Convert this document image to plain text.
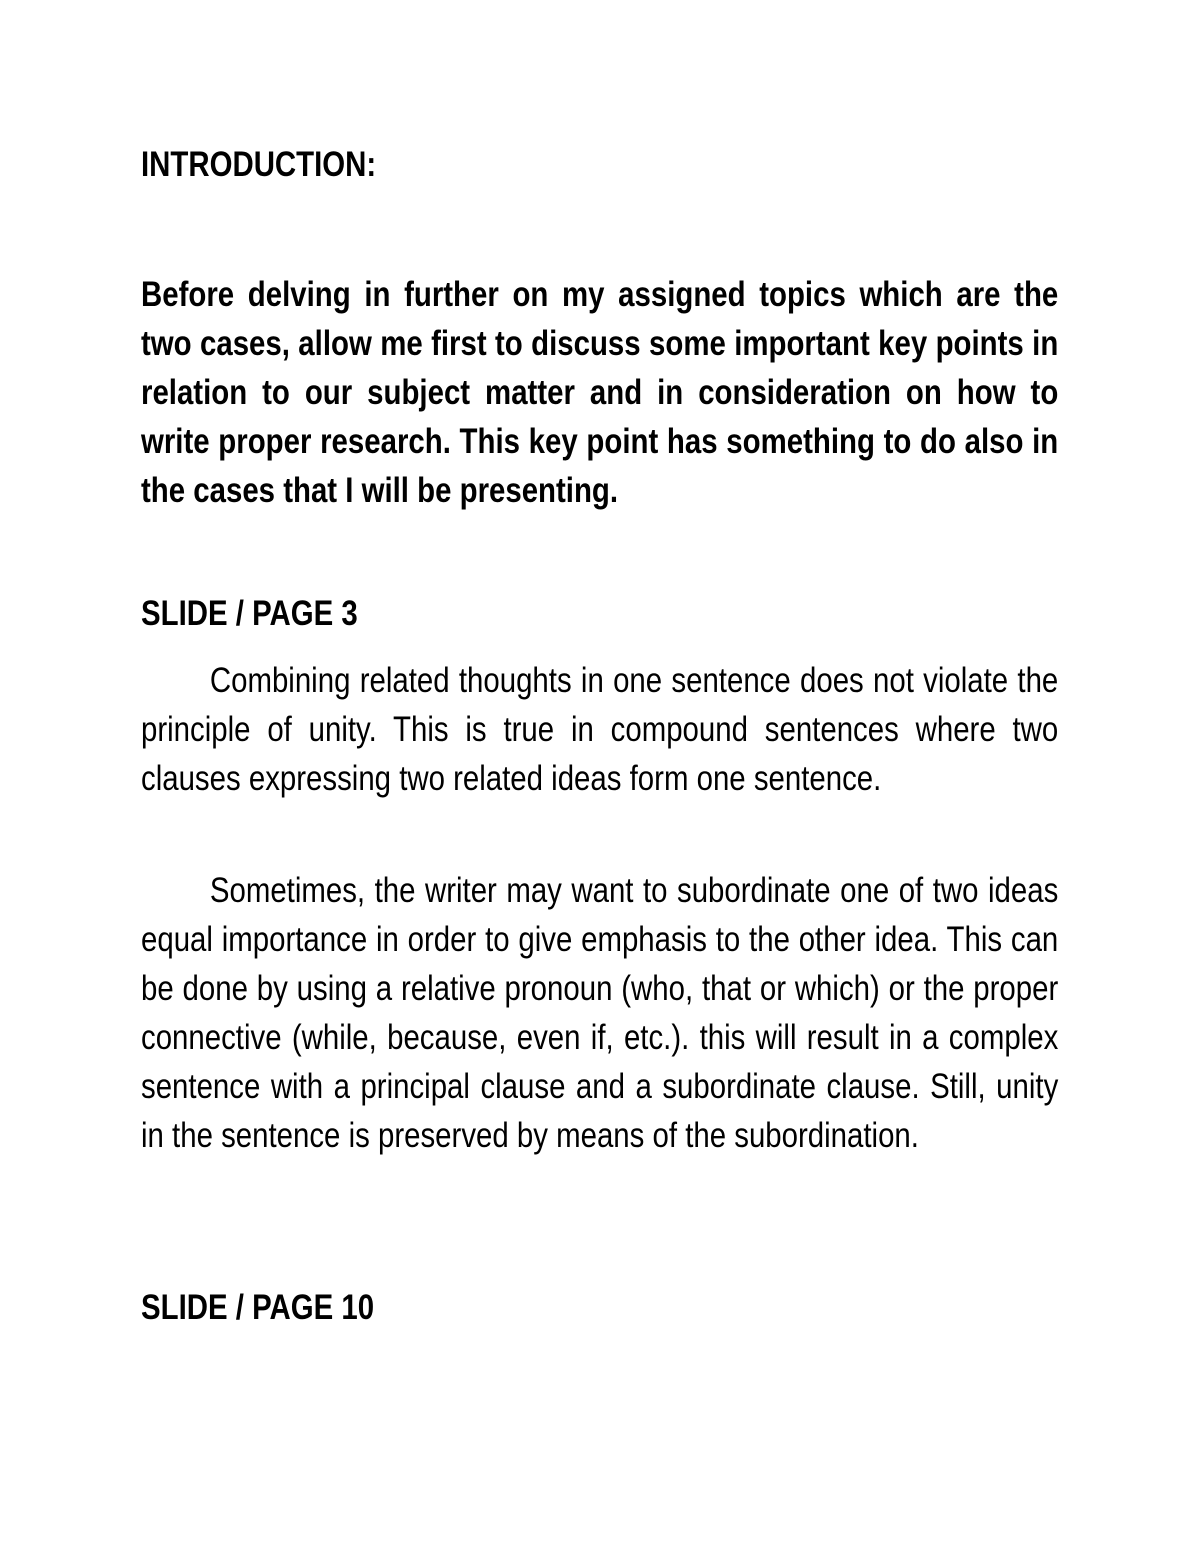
INTRODUCTION:

Before delving in further on my assigned topics which are the two cases, allow me first to discuss some important key points in relation to our subject matter and in consideration on how to write proper research. This key point has something to do also in the cases that I will be presenting.

SLIDE / PAGE 3

Combining related thoughts in one sentence does not violate the principle of unity. This is true in compound sentences where two clauses expressing two related ideas form one sentence.

Sometimes, the writer may want to subordinate one of two ideas equal importance in order to give emphasis to the other idea. This can be done by using a relative pronoun (who, that or which) or the proper connective (while, because, even if, etc.). this will result in a complex sentence with a principal clause and a subordinate clause. Still, unity in the sentence is preserved by means of the subordination.

SLIDE / PAGE 10
